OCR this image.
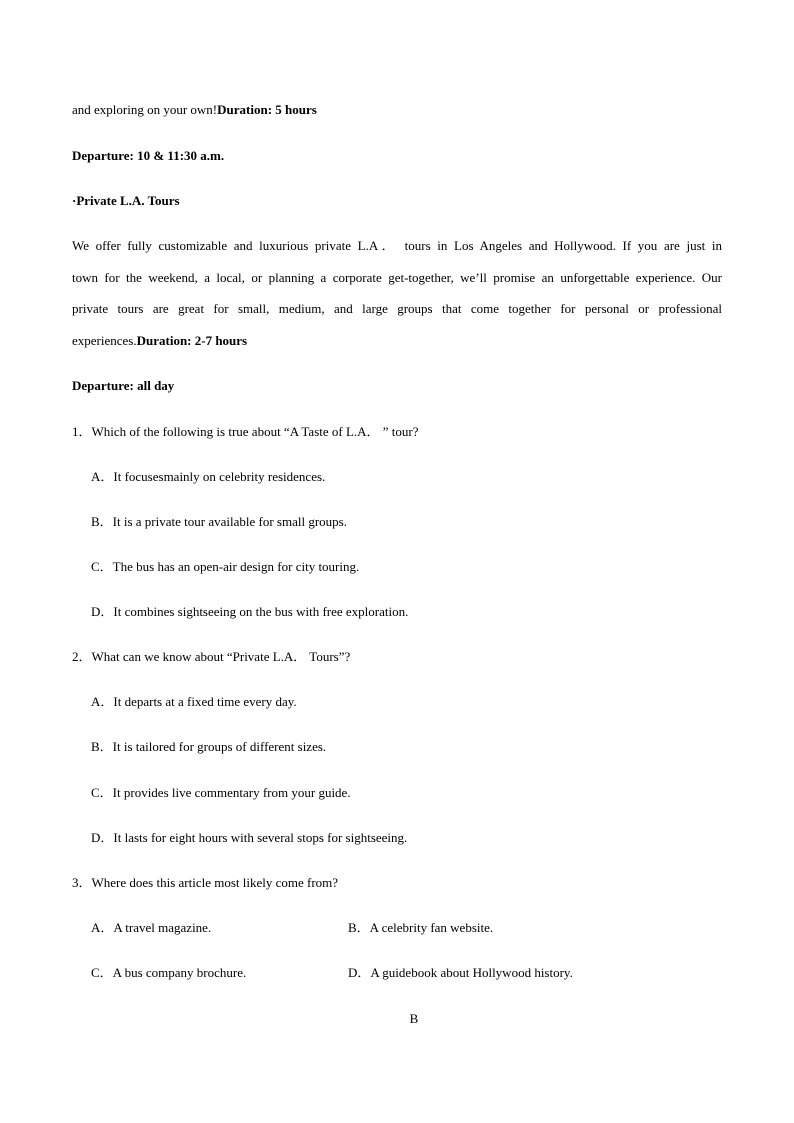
and exploring on your own!Duration: 5 hours
Departure: 10 & 11:30 a.m.
·Private L.A. Tours
We offer fully customizable and luxurious private L.A． tours in Los Angeles and Hollywood. If you are just in
town for the weekend, a local, or planning a corporate get-together, we’ll promise an unforgettable experience. Our
private tours are great for small, medium, and large groups that come together for personal or professional
experiences.Duration: 2-7 hours
Departure: all day
1．Which of the following is true about “A Taste of L.A． ” tour?
A．It focusesmainly on celebrity residences.
B．It is a private tour available for small groups.
C．The bus has an open-air design for city touring.
D．It combines sightseeing on the bus with free exploration.
2．What can we know about “Private L.A． Tours”?
A．It departs at a fixed time every day.
B．It is tailored for groups of different sizes.
C．It provides live commentary from your guide.
D．It lasts for eight hours with several stops for sightseeing.
3．Where does this article most likely come from?
A．A travel magazine.	B．A celebrity fan website.
C．A bus company brochure.	D．A guidebook about Hollywood history.
B
